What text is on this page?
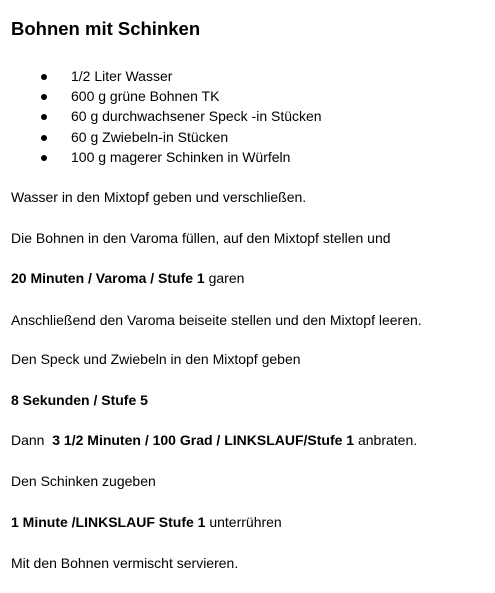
Bohnen mit Schinken
1/2 Liter Wasser
600 g grüne Bohnen TK
60 g durchwachsener Speck -in Stücken
60 g Zwiebeln-in Stücken
100 g magerer Schinken in Würfeln

Wasser in den Mixtopf geben und verschließen.

Die Bohnen in den Varoma füllen, auf den Mixtopf stellen und

20 Minuten / Varoma / Stufe 1 garen

Anschließend den Varoma beiseite stellen und den Mixtopf leeren.

Den Speck und Zwiebeln in den Mixtopf geben

8 Sekunden / Stufe 5

Dann  3 1/2 Minuten / 100 Grad / LINKSLAUF/Stufe 1 anbraten.

Den Schinken zugeben

1 Minute /LINKSLAUF Stufe 1 unterrühren

Mit den Bohnen vermischt servieren.
